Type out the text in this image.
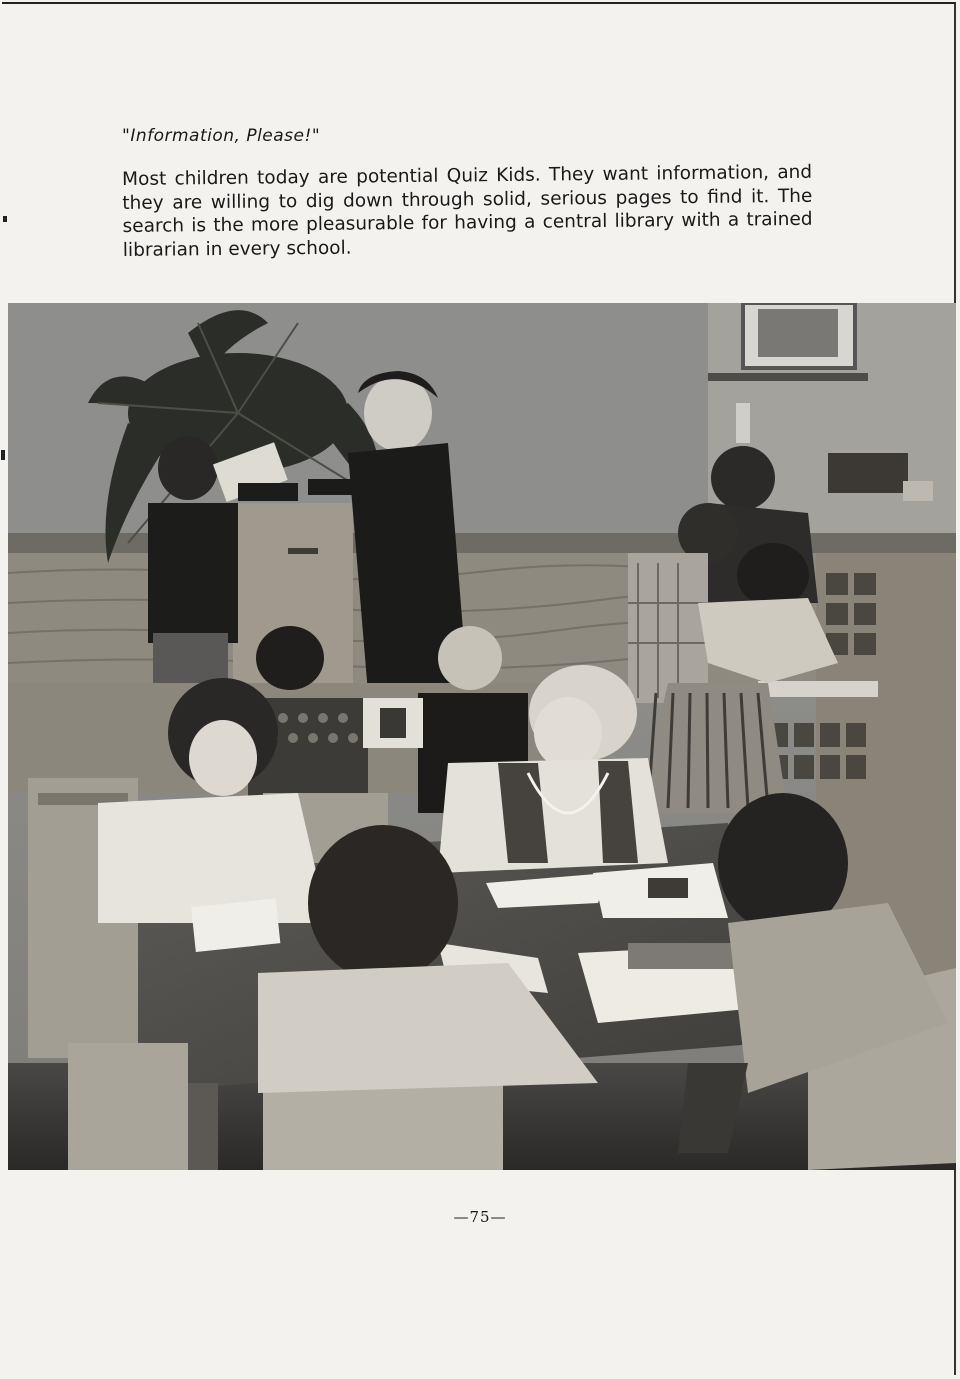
"Information, Please!"
Most children today are potential Quiz Kids. They want information, and they are willing to dig down through solid, serious pages to find it. The search is the more pleasurable for having a central library with a trained librarian in every school.
—75—
